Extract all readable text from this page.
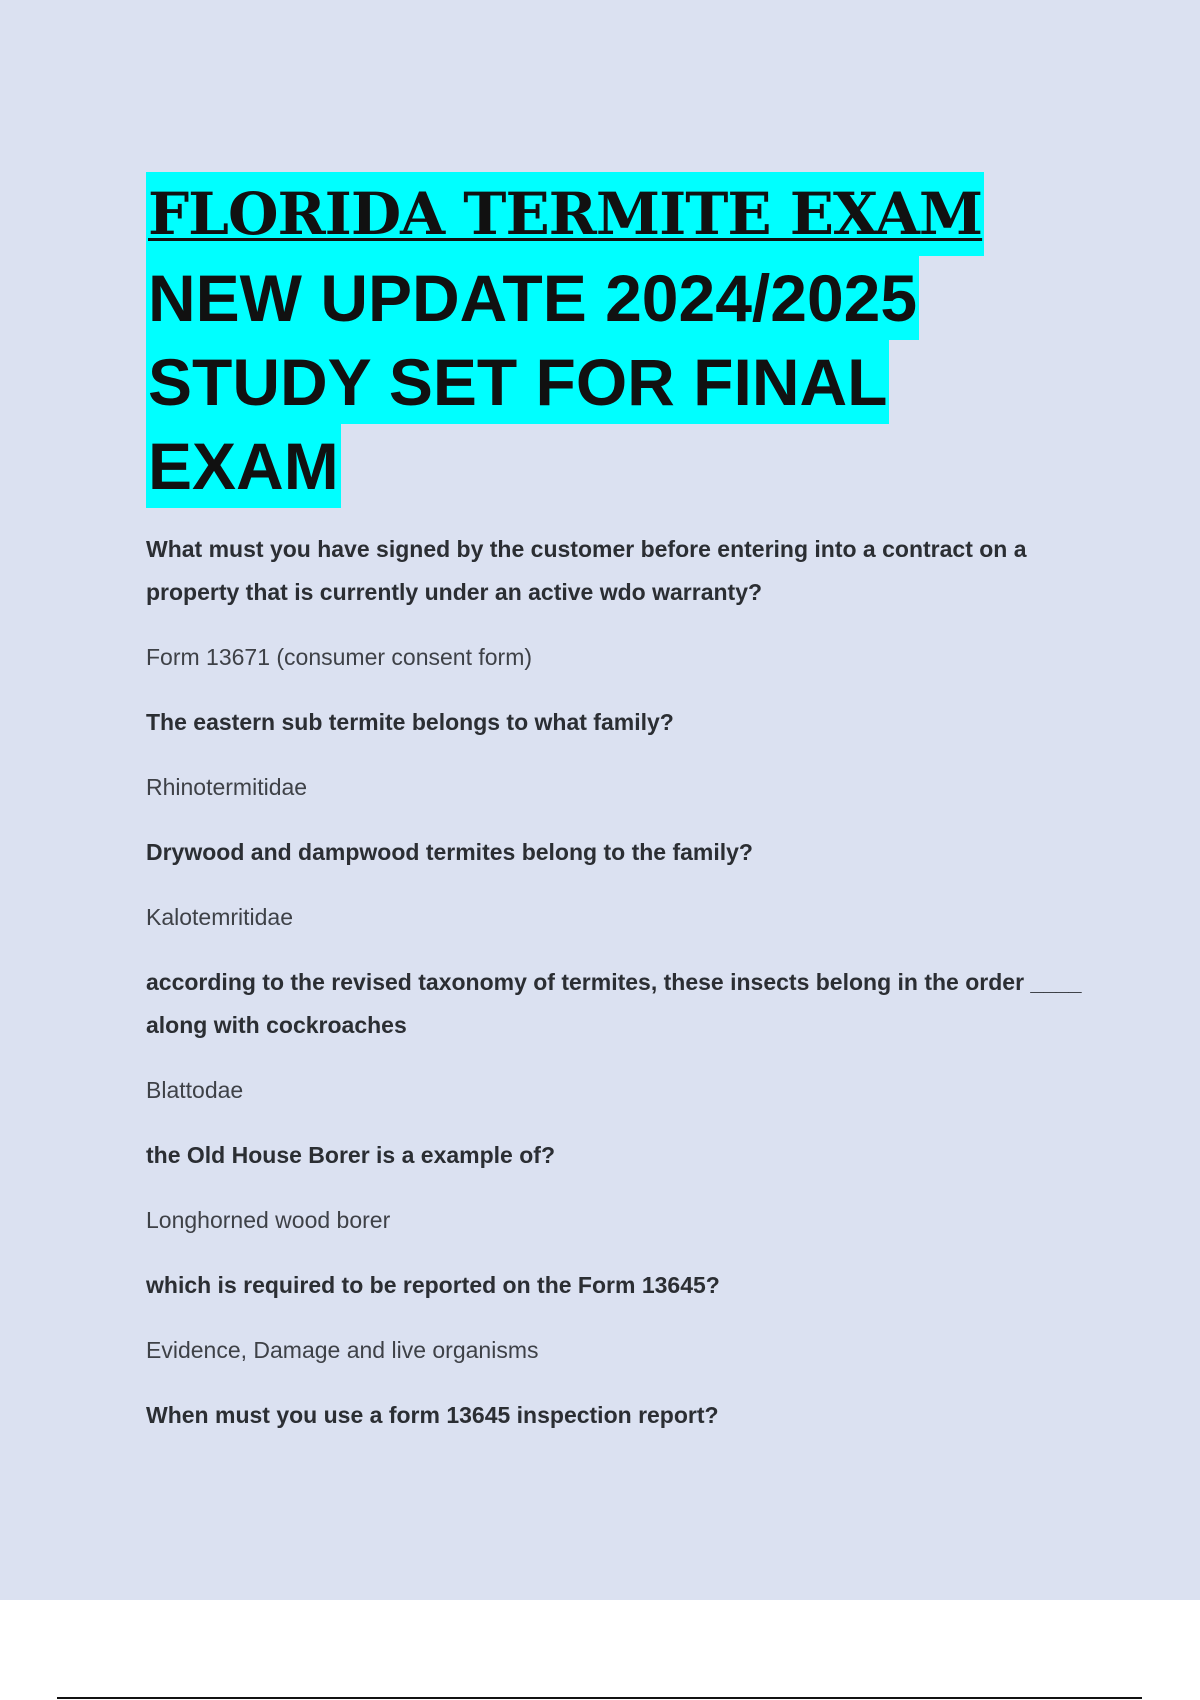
FLORIDA TERMITE EXAM
NEW UPDATE 2024/2025
STUDY SET FOR FINAL
EXAM

What must you have signed by the customer before entering into a contract on a property that is currently under an active wdo warranty?

Form 13671 (consumer consent form)

The eastern sub termite belongs to what family?

Rhinotermitidae

Drywood and dampwood termites belong to the family?

Kalotemritidae

according to the revised taxonomy of termites, these insects belong in the order ____ along with cockroaches

Blattodae

the Old House Borer is a example of?

Longhorned wood borer

which is required to be reported on the Form 13645?

Evidence, Damage and live organisms

When must you use a form 13645 inspection report?
